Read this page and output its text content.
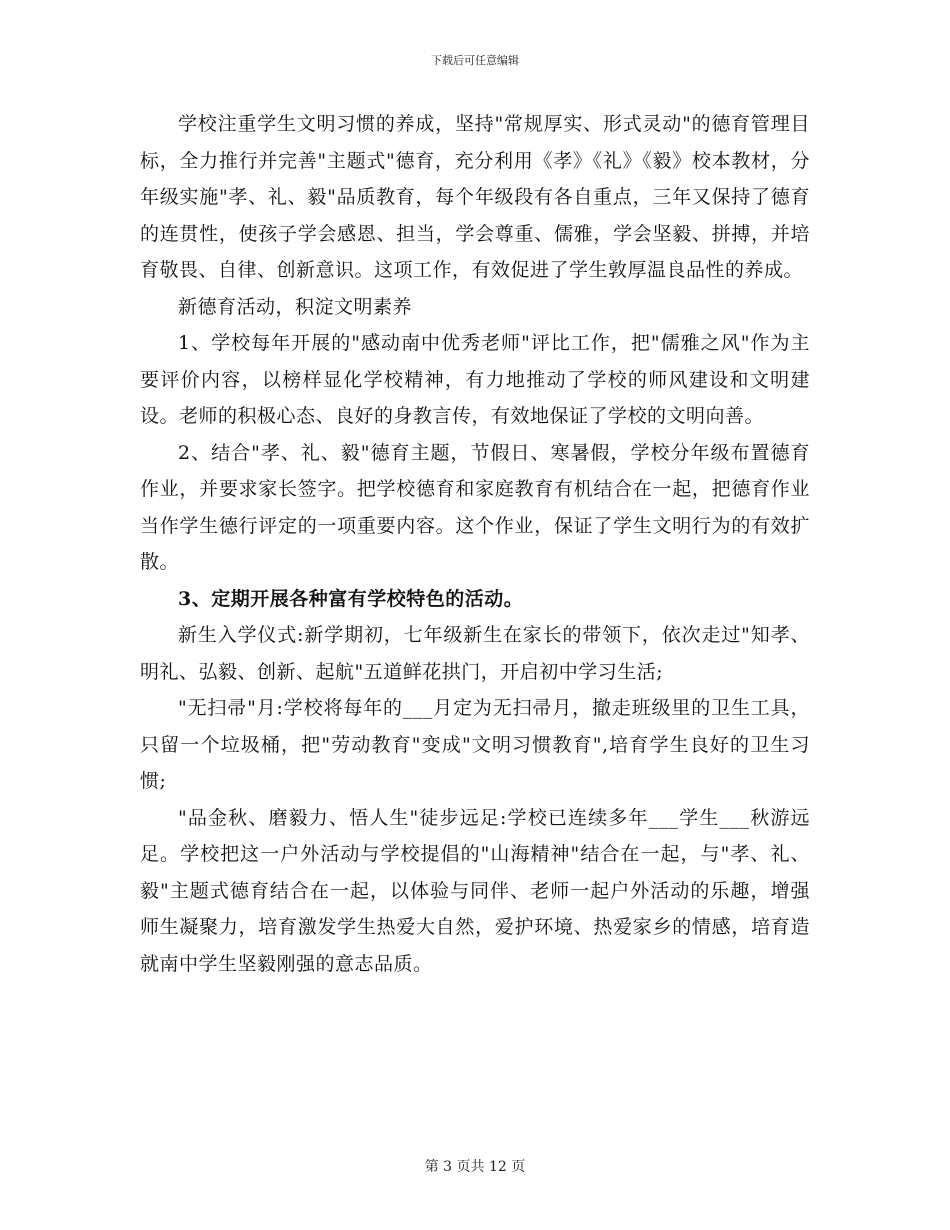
下载后可任意编辑

学校注重学生文明习惯的养成，坚持"常规厚实、形式灵动"的德育管理目标，全力推行并完善"主题式"德育，充分利用《孝》《礼》《毅》校本教材，分年级实施"孝、礼、毅"品质教育，每个年级段有各自重点，三年又保持了德育的连贯性，使孩子学会感恩、担当，学会尊重、儒雅，学会坚毅、拼搏，并培育敬畏、自律、创新意识。这项工作，有效促进了学生敦厚温良品性的养成。

新德育活动，积淀文明素养

1、学校每年开展的"感动南中优秀老师"评比工作，把"儒雅之风"作为主要评价内容，以榜样显化学校精神，有力地推动了学校的师风建设和文明建设。老师的积极心态、良好的身教言传，有效地保证了学校的文明向善。

2、结合"孝、礼、毅"德育主题，节假日、寒暑假，学校分年级布置德育作业，并要求家长签字。把学校德育和家庭教育有机结合在一起，把德育作业当作学生德行评定的一项重要内容。这个作业，保证了学生文明行为的有效扩散。

3、定期开展各种富有学校特色的活动。

新生入学仪式:新学期初，七年级新生在家长的带领下，依次走过"知孝、明礼、弘毅、创新、起航"五道鲜花拱门，开启初中学习生活;

"无扫帚"月:学校将每年的___月定为无扫帚月，撤走班级里的卫生工具，只留一个垃圾桶，把"劳动教育"变成"文明习惯教育",培育学生良好的卫生习惯;

"品金秋、磨毅力、悟人生"徒步远足:学校已连续多年___学生___秋游远足。学校把这一户外活动与学校提倡的"山海精神"结合在一起，与"孝、礼、毅"主题式德育结合在一起，以体验与同伴、老师一起户外活动的乐趣，增强师生凝聚力，培育激发学生热爱大自然，爱护环境、热爱家乡的情感，培育造就南中学生坚毅刚强的意志品质。

第 3 页共 12 页
